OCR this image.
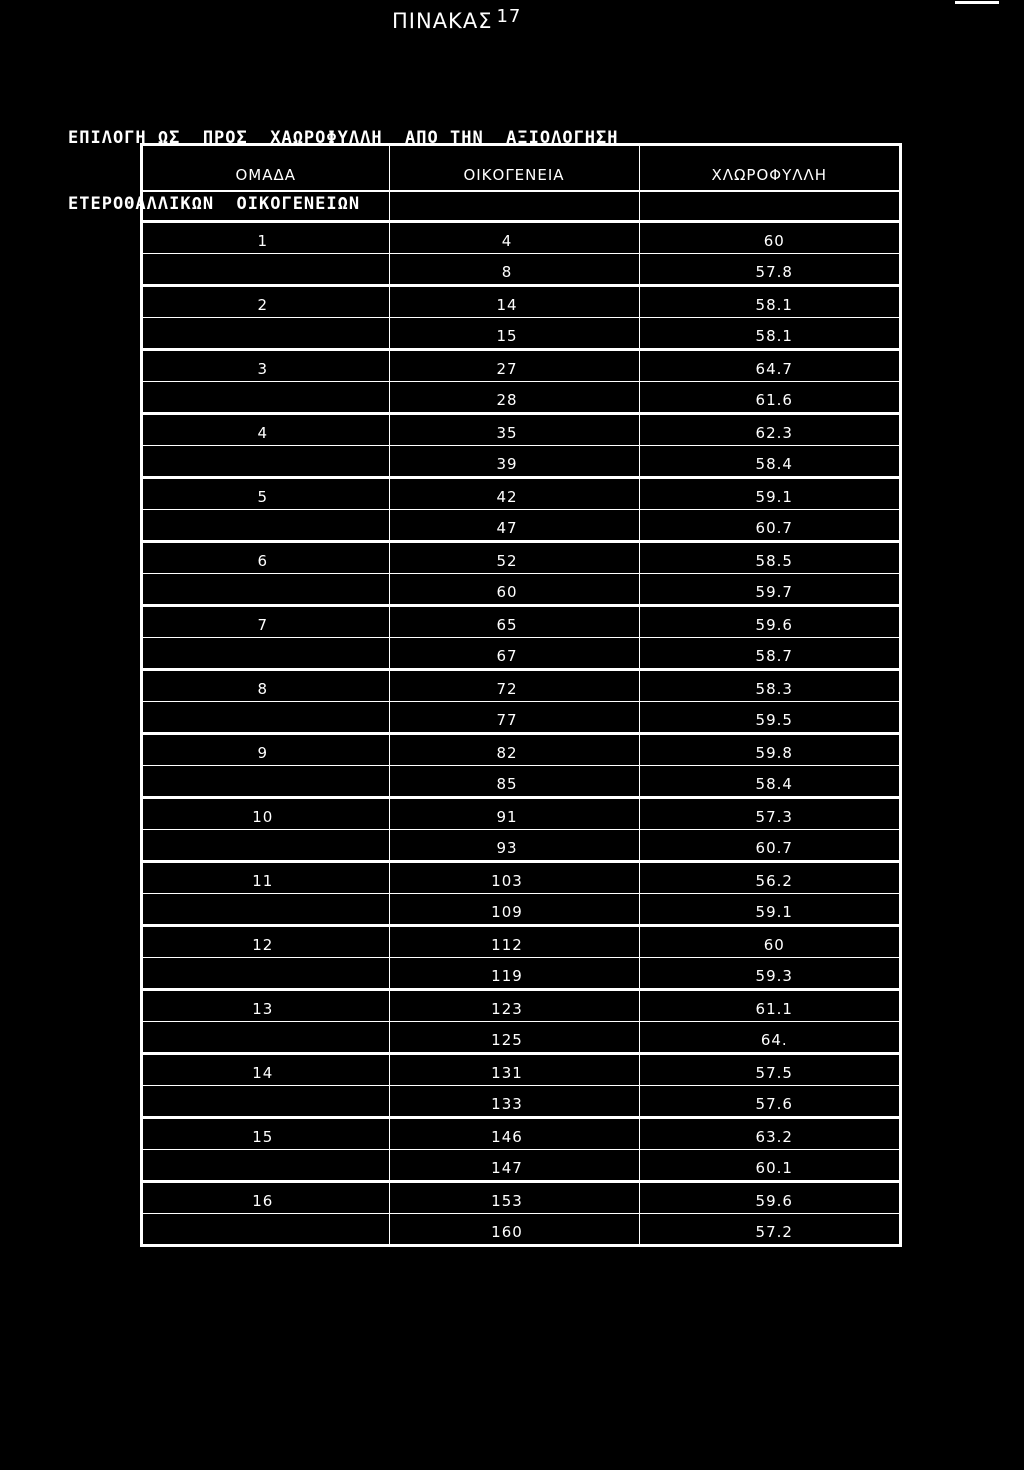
ΠΙΝΑΚΑΣ $^{17}$

ΕΠΙΛΟΓΗ ΩΣ  ΠΡΟΣ  ΧΑΩΡΟΦΥΛΛΗ  ΑΠΟ ΤΗΝ  ΑΞΙΟΛΟΓΗΣΗ

ΕΤΕΡΟΘΑΛΛΙΚΩΝ  ΟΙΚΟΓΕΝΕΙΩΝ

ΟΜΑΔΑ	ΟΙΚΟΓΕΝΕΙΑ	ΧΛΩΡΟΦΥΛΛΗ

1	4	60
	8	57.8
2	14	58.1
	15	58.1
3	27	64.7
	28	61.6
4	35	62.3
	39	58.4
5	42	59.1
	47	60.7
6	52	58.5
	60	59.7
7	65	59.6
	67	58.7
8	72	58.3
	77	59.5
9	82	59.8
	85	58.4
10	91	57.3
	93	60.7
11	103	56.2
	109	59.1
12	112	60
	119	59.3
13	123	61.1
	125	64.
14	131	57.5
	133	57.6
15	146	63.2
	147	60.1
16	153	59.6
	160	57.2
